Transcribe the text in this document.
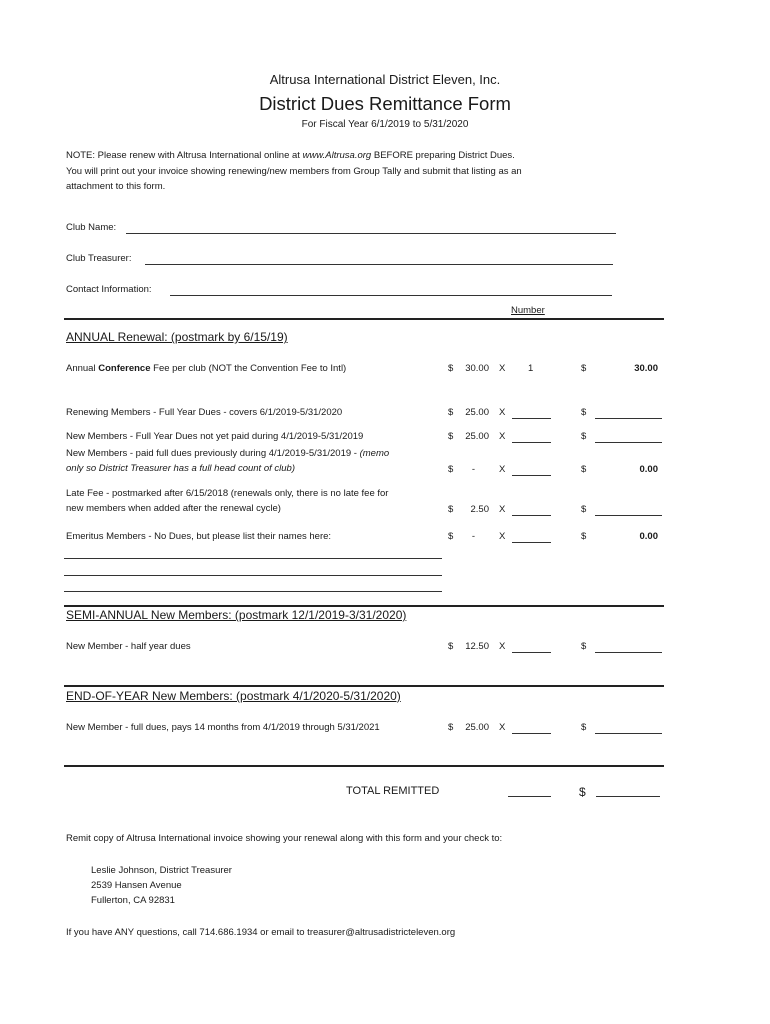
Altrusa International District Eleven, Inc.
District Dues Remittance Form
For Fiscal Year 6/1/2019 to 5/31/2020
NOTE: Please renew with Altrusa International online at www.Altrusa.org BEFORE preparing District Dues.
You will print out your invoice showing renewing/new members from Group Tally and submit that listing as an
attachment to this form.
Club Name:
Club Treasurer:
Contact Information:
Number
ANNUAL Renewal: (postmark by 6/15/19)
Annual Conference Fee per club (NOT the Convention Fee to Intl)	$	30.00 X 1	$	30.00
Renewing Members - Full Year Dues - covers 6/1/2019-5/31/2020	$	25.00 X	$
New Members - Full Year Dues not yet paid during 4/1/2019-5/31/2019	$	25.00 X	$
New Members - paid full dues previously during 4/1/2019-5/31/2019 - (memo
only so District Treasurer has a full head count of club)	$	-	X	$	0.00
Late Fee - postmarked after 6/15/2018 (renewals only, there is no late fee for
new members when added after the renewal cycle)	$	2.50 X	$
Emeritus Members - No Dues, but please list their names here:	$	-	X	$	0.00
SEMI-ANNUAL New Members: (postmark 12/1/2019-3/31/2020)
New Member - half year dues	$	12.50 X	$
END-OF-YEAR New Members: (postmark 4/1/2020-5/31/2020)
New Member - full dues, pays 14 months from 4/1/2019 through 5/31/2021	$	25.00 X	$
TOTAL REMITTED	$
Remit copy of Altrusa International invoice showing your renewal along with this form and your check to:
Leslie Johnson, District Treasurer
2539 Hansen Avenue
Fullerton, CA 92831
If you have ANY questions, call 714.686.1934 or email to treasurer@altrusadistricteleven.org
